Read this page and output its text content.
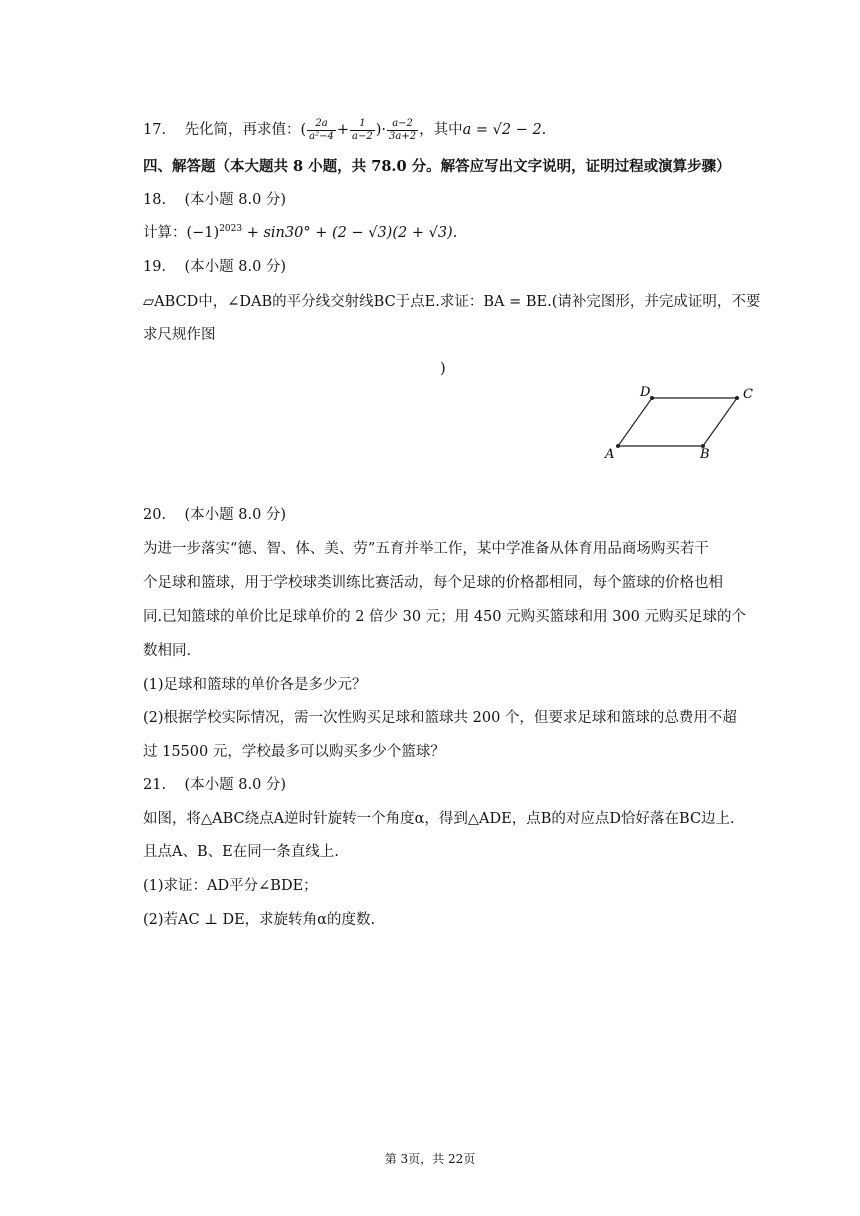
17. 先化简，再求值：( $\frac{2a}{\text{a²−4}} + \frac{1}{a-2}$ )· $\frac{a-2}{3a+2}$ ，其中a = √2 − 2.
四、解答题（本大题共 8 小题，共 78.0 分。解答应写出文字说明，证明过程或演算步骤）
18. (本小题 8.0 分)
计算：$(-1)^{2023} + \sin 30^\circ + (2 - √3)(2 + √3)$.
19. (本小题 8.0 分)
▱ABCD中，∠DAB的平分线交射线BC于点E.求证：BA = BE.(请补完图形，并完成证明，不要
求尺规作图
)
A	B
C
D
20. (本小题 8.0 分)
为进一步落实“德、智、体、美、劳”五育并举工作，某中学准备从体育用品商场购买若干
个足球和篮球，用于学校球类训练比赛活动，每个足球的价格都相同，每个篮球的价格也相
同.已知篮球的单价比足球单价的 2 倍少 30 元；用 450 元购买篮球和用 300 元购买足球的个
数相同.
(1)足球和篮球的单价各是多少元？
(2)根据学校实际情况，需一次性购买足球和篮球共 200 个，但要求足球和篮球的总费用不超
过 15500 元，学校最多可以购买多少个篮球？
21. (本小题 8.0 分)
如图，将△ABC绕点A逆时针旋转一个角度α，得到△ADE，点B的对应点D恰好落在BC边上.
且点A、B、E在同一条直线上.
(1)求证：AD平分∠BDE；
(2)若AC ⊥ DE，求旋转角α的度数.
第 3页，共 22页
